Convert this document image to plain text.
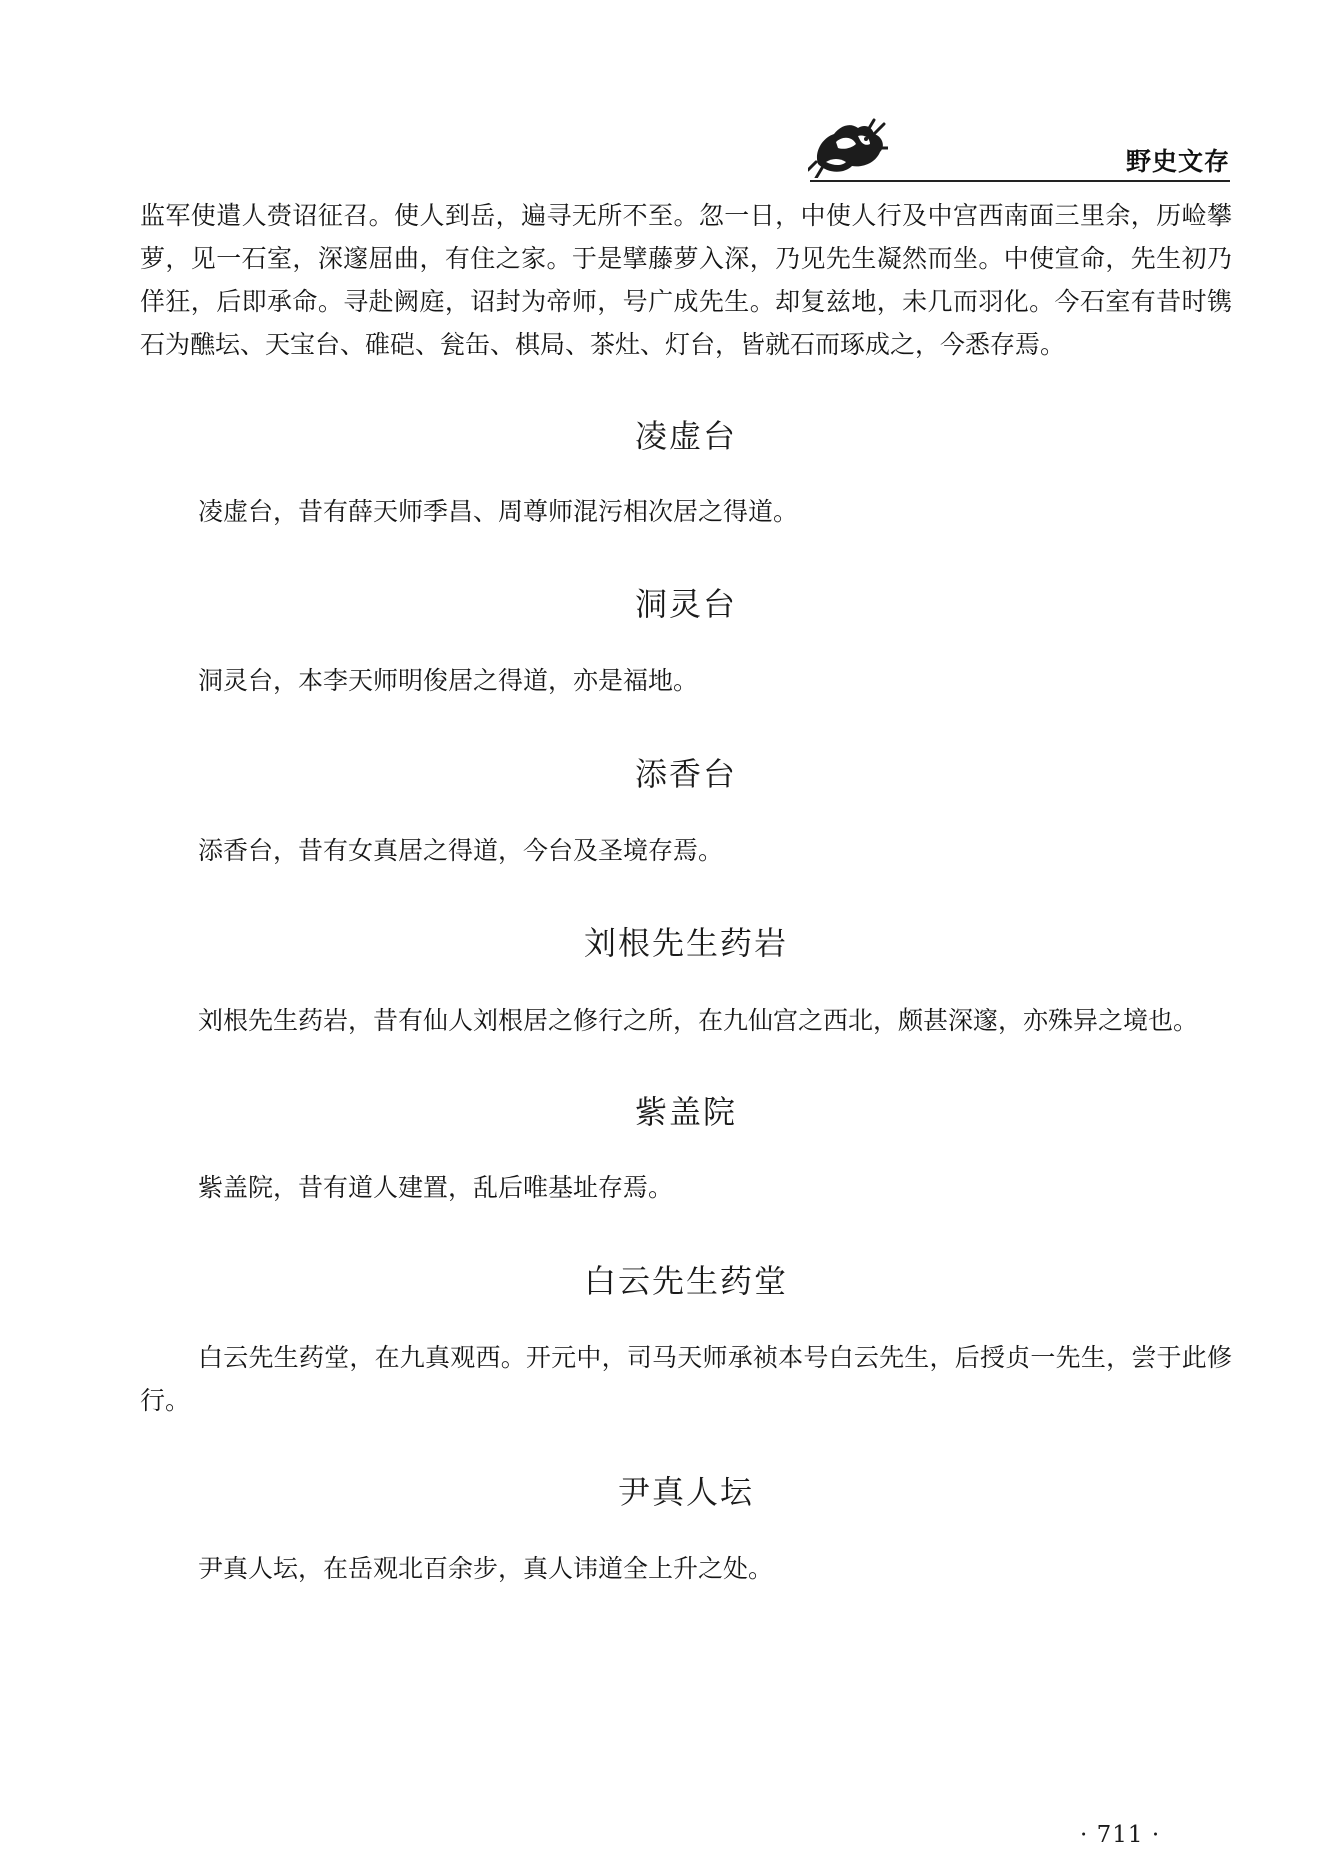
野史文存

监军使遣人赍诏征召。使人到岳，遍寻无所不至。忽一日，中使人行及中宫西南面三里余，历崄攀萝，见一石室，深邃屈曲，有住之家。于是擘藤萝入深，乃见先生凝然而坐。中使宣命，先生初乃佯狂，后即承命。寻赴阙庭，诏封为帝师，号广成先生。却复兹地，未几而羽化。今石室有昔时镌石为醮坛、天宝台、碓硙、瓮缶、棋局、茶灶、灯台，皆就石而琢成之，今悉存焉。

凌虚台

凌虚台，昔有薛天师季昌、周尊师混污相次居之得道。

洞灵台

洞灵台，本李天师明俊居之得道，亦是福地。

添香台

添香台，昔有女真居之得道，今台及圣境存焉。

刘根先生药岩

刘根先生药岩，昔有仙人刘根居之修行之所，在九仙宫之西北，颇甚深邃，亦殊异之境也。

紫盖院

紫盖院，昔有道人建置，乱后唯基址存焉。

白云先生药堂

白云先生药堂，在九真观西。开元中，司马天师承祯本号白云先生，后授贞一先生，尝于此修行。

尹真人坛

尹真人坛，在岳观北百余步，真人讳道全上升之处。

· 711 ·
